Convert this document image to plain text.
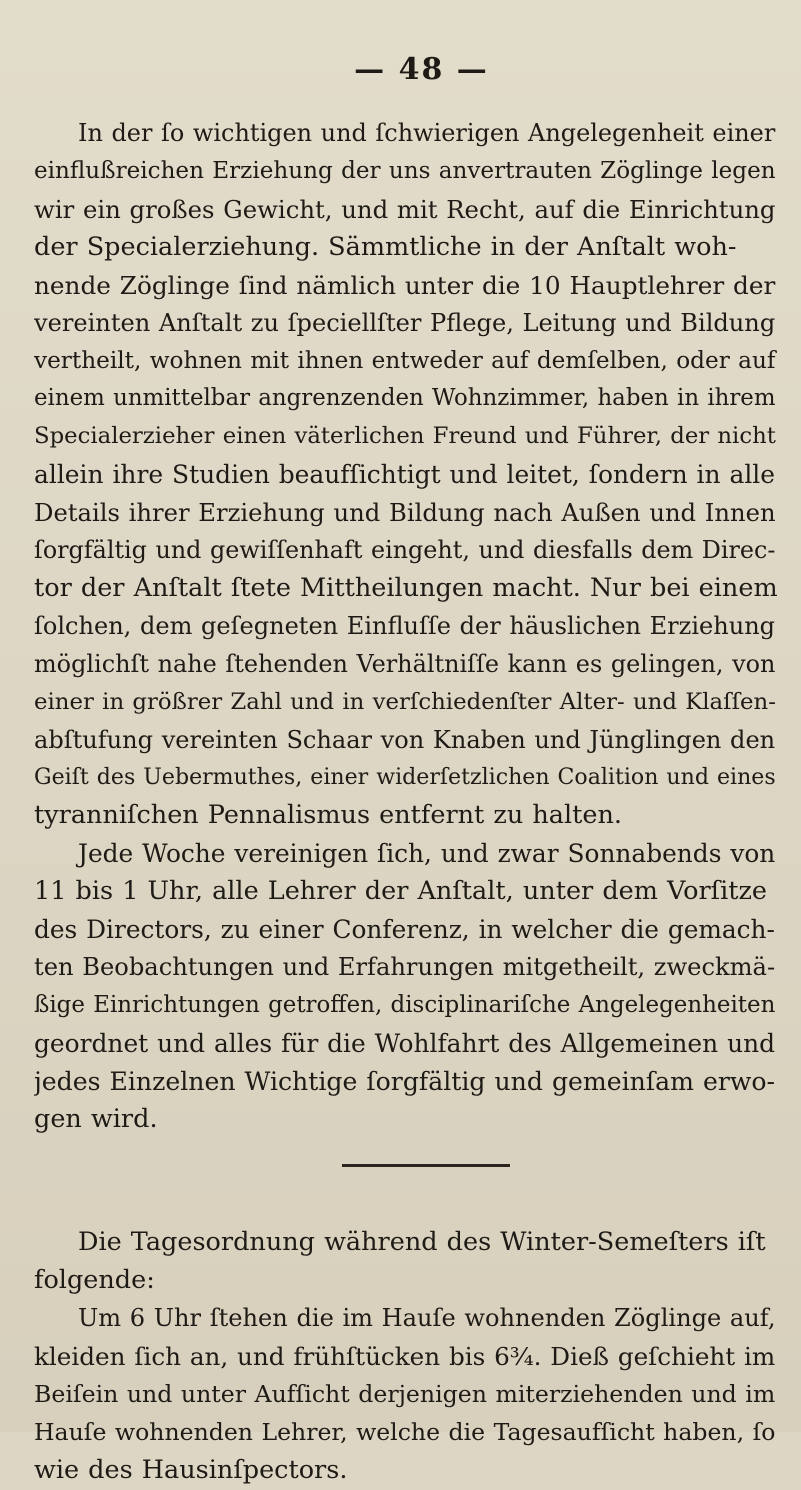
— 48 —
In der ſo wichtigen und ſchwierigen Angelegenheit einer
einflußreichen Erziehung der uns anvertrauten Zöglinge legen
wir ein großes Gewicht, und mit Recht, auf die Einrichtung
der Specialerziehung. Sämmtliche in der Anſtalt woh-
nende Zöglinge ſind nämlich unter die 10 Hauptlehrer der
vereinten Anſtalt zu ſpeciellſter Pflege, Leitung und Bildung
vertheilt, wohnen mit ihnen entweder auf demſelben, oder auf
einem unmittelbar angrenzenden Wohnzimmer, haben in ihrem
Specialerzieher einen väterlichen Freund und Führer, der nicht
allein ihre Studien beaufſichtigt und leitet, ſondern in alle
Details ihrer Erziehung und Bildung nach Außen und Innen
ſorgfältig und gewiſſenhaft eingeht, und diesfalls dem Direc-
tor der Anſtalt ſtete Mittheilungen macht. Nur bei einem
ſolchen, dem geſegneten Einfluſſe der häuslichen Erziehung
möglichſt nahe ſtehenden Verhältniſſe kann es gelingen, von
einer in größrer Zahl und in verſchiedenſter Alter- und Klaſſen-
abſtufung vereinten Schaar von Knaben und Jünglingen den
Geiſt des Uebermuthes, einer widerſetzlichen Coalition und eines
tyranniſchen Pennalismus entfernt zu halten.
Jede Woche vereinigen ſich, und zwar Sonnabends von
11 bis 1 Uhr, alle Lehrer der Anſtalt, unter dem Vorſitze
des Directors, zu einer Conferenz, in welcher die gemach-
ten Beobachtungen und Erfahrungen mitgetheilt, zweckmä-
ßige Einrichtungen getroffen, disciplinariſche Angelegenheiten
geordnet und alles für die Wohlfahrt des Allgemeinen und
jedes Einzelnen Wichtige ſorgfältig und gemeinſam erwo-
gen wird.
Die Tagesordnung während des Winter-Semeſters iſt
folgende:
Um 6 Uhr ſtehen die im Hauſe wohnenden Zöglinge auf,
kleiden ſich an, und frühſtücken bis 6¾. Dieß geſchieht im
Beiſein und unter Aufſicht derjenigen miterziehenden und im
Hauſe wohnenden Lehrer, welche die Tagesaufſicht haben, ſo
wie des Hausinſpectors.
